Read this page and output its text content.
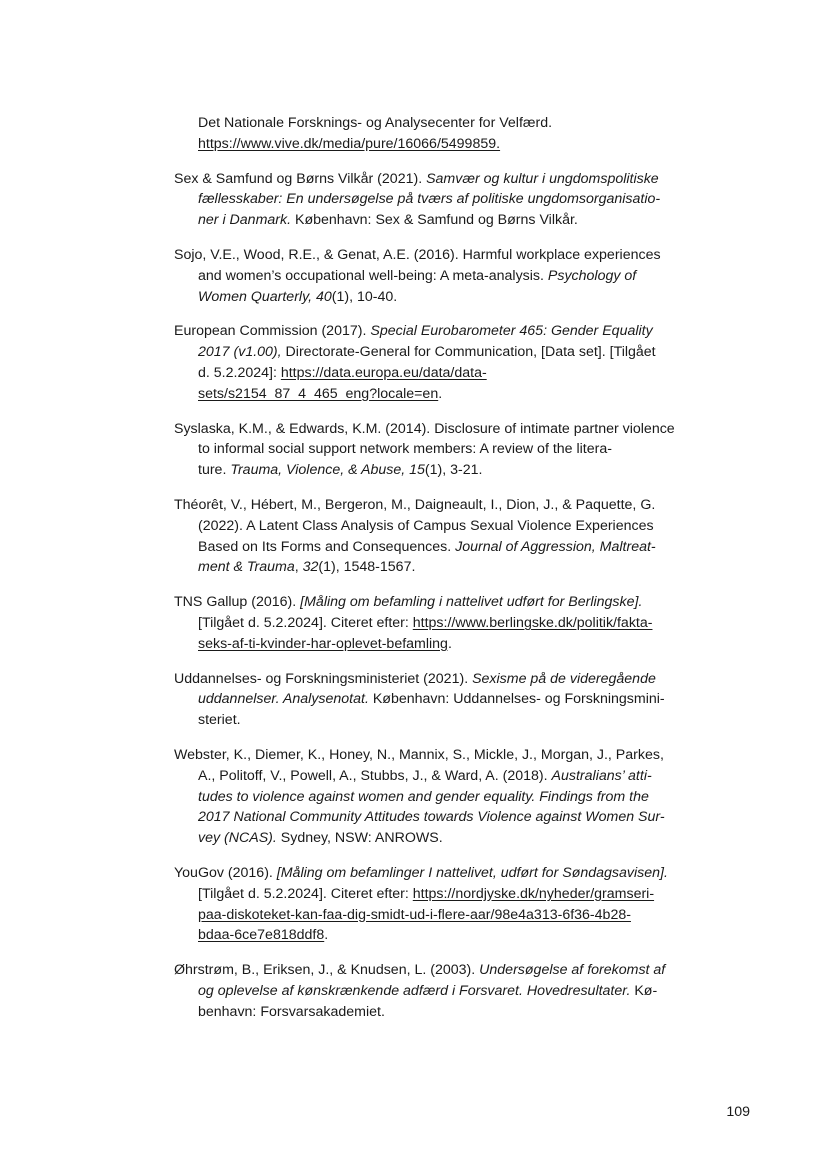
Det Nationale Forsknings- og Analysecenter for Velfærd.
https://www.vive.dk/media/pure/16066/5499859.
Sex & Samfund og Børns Vilkår (2021). Samvær og kultur i ungdomspolitiske
fællesskaber: En undersøgelse på tværs af politiske ungdomsorganisatio-
ner i Danmark. København: Sex & Samfund og Børns Vilkår.
Sojo, V.E., Wood, R.E., & Genat, A.E. (2016). Harmful workplace experiences
and women’s occupational well-being: A meta-analysis. Psychology of
Women Quarterly, 40(1), 10-40.
European Commission (2017). Special Eurobarometer 465: Gender Equality
2017 (v1.00), Directorate-General for Communication, [Data set]. [Tilgået
d. 5.2.2024]: https://data.europa.eu/data/data-
sets/s2154_87_4_465_eng?locale=en.
Syslaska, K.M., & Edwards, K.M. (2014). Disclosure of intimate partner violence
to informal social support network members: A review of the litera-
ture. Trauma, Violence, & Abuse, 15(1), 3-21.
Théorêt, V., Hébert, M., Bergeron, M., Daigneault, I., Dion, J., & Paquette, G.
(2022). A Latent Class Analysis of Campus Sexual Violence Experiences
Based on Its Forms and Consequences. Journal of Aggression, Maltreat-
ment & Trauma, 32(1), 1548-1567.
TNS Gallup (2016). [Måling om befamling i nattelivet udført for Berlingske].
[Tilgået d. 5.2.2024]. Citeret efter: https://www.berlingske.dk/politik/fakta-
seks-af-ti-kvinder-har-oplevet-befamling.
Uddannelses- og Forskningsministeriet (2021). Sexisme på de videregående
uddannelser. Analysenotat. København: Uddannelses- og Forskningsmini-
steriet.
Webster, K., Diemer, K., Honey, N., Mannix, S., Mickle, J., Morgan, J., Parkes,
A., Politoff, V., Powell, A., Stubbs, J., & Ward, A. (2018). Australians’ atti-
tudes to violence against women and gender equality. Findings from the
2017 National Community Attitudes towards Violence against Women Sur-
vey (NCAS). Sydney, NSW: ANROWS.
YouGov (2016). [Måling om befamlinger I nattelivet, udført for Søndagsavisen].
[Tilgået d. 5.2.2024]. Citeret efter: https://nordjyske.dk/nyheder/gramseri-
paa-diskoteket-kan-faa-dig-smidt-ud-i-flere-aar/98e4a313-6f36-4b28-
bdaa-6ce7e818ddf8.
Øhrstrøm, B., Eriksen, J., & Knudsen, L. (2003). Undersøgelse af forekomst af
og oplevelse af kønskrænkende adfærd i Forsvaret. Hovedresultater. Kø-
benhavn: Forsvarsakademiet.
109
